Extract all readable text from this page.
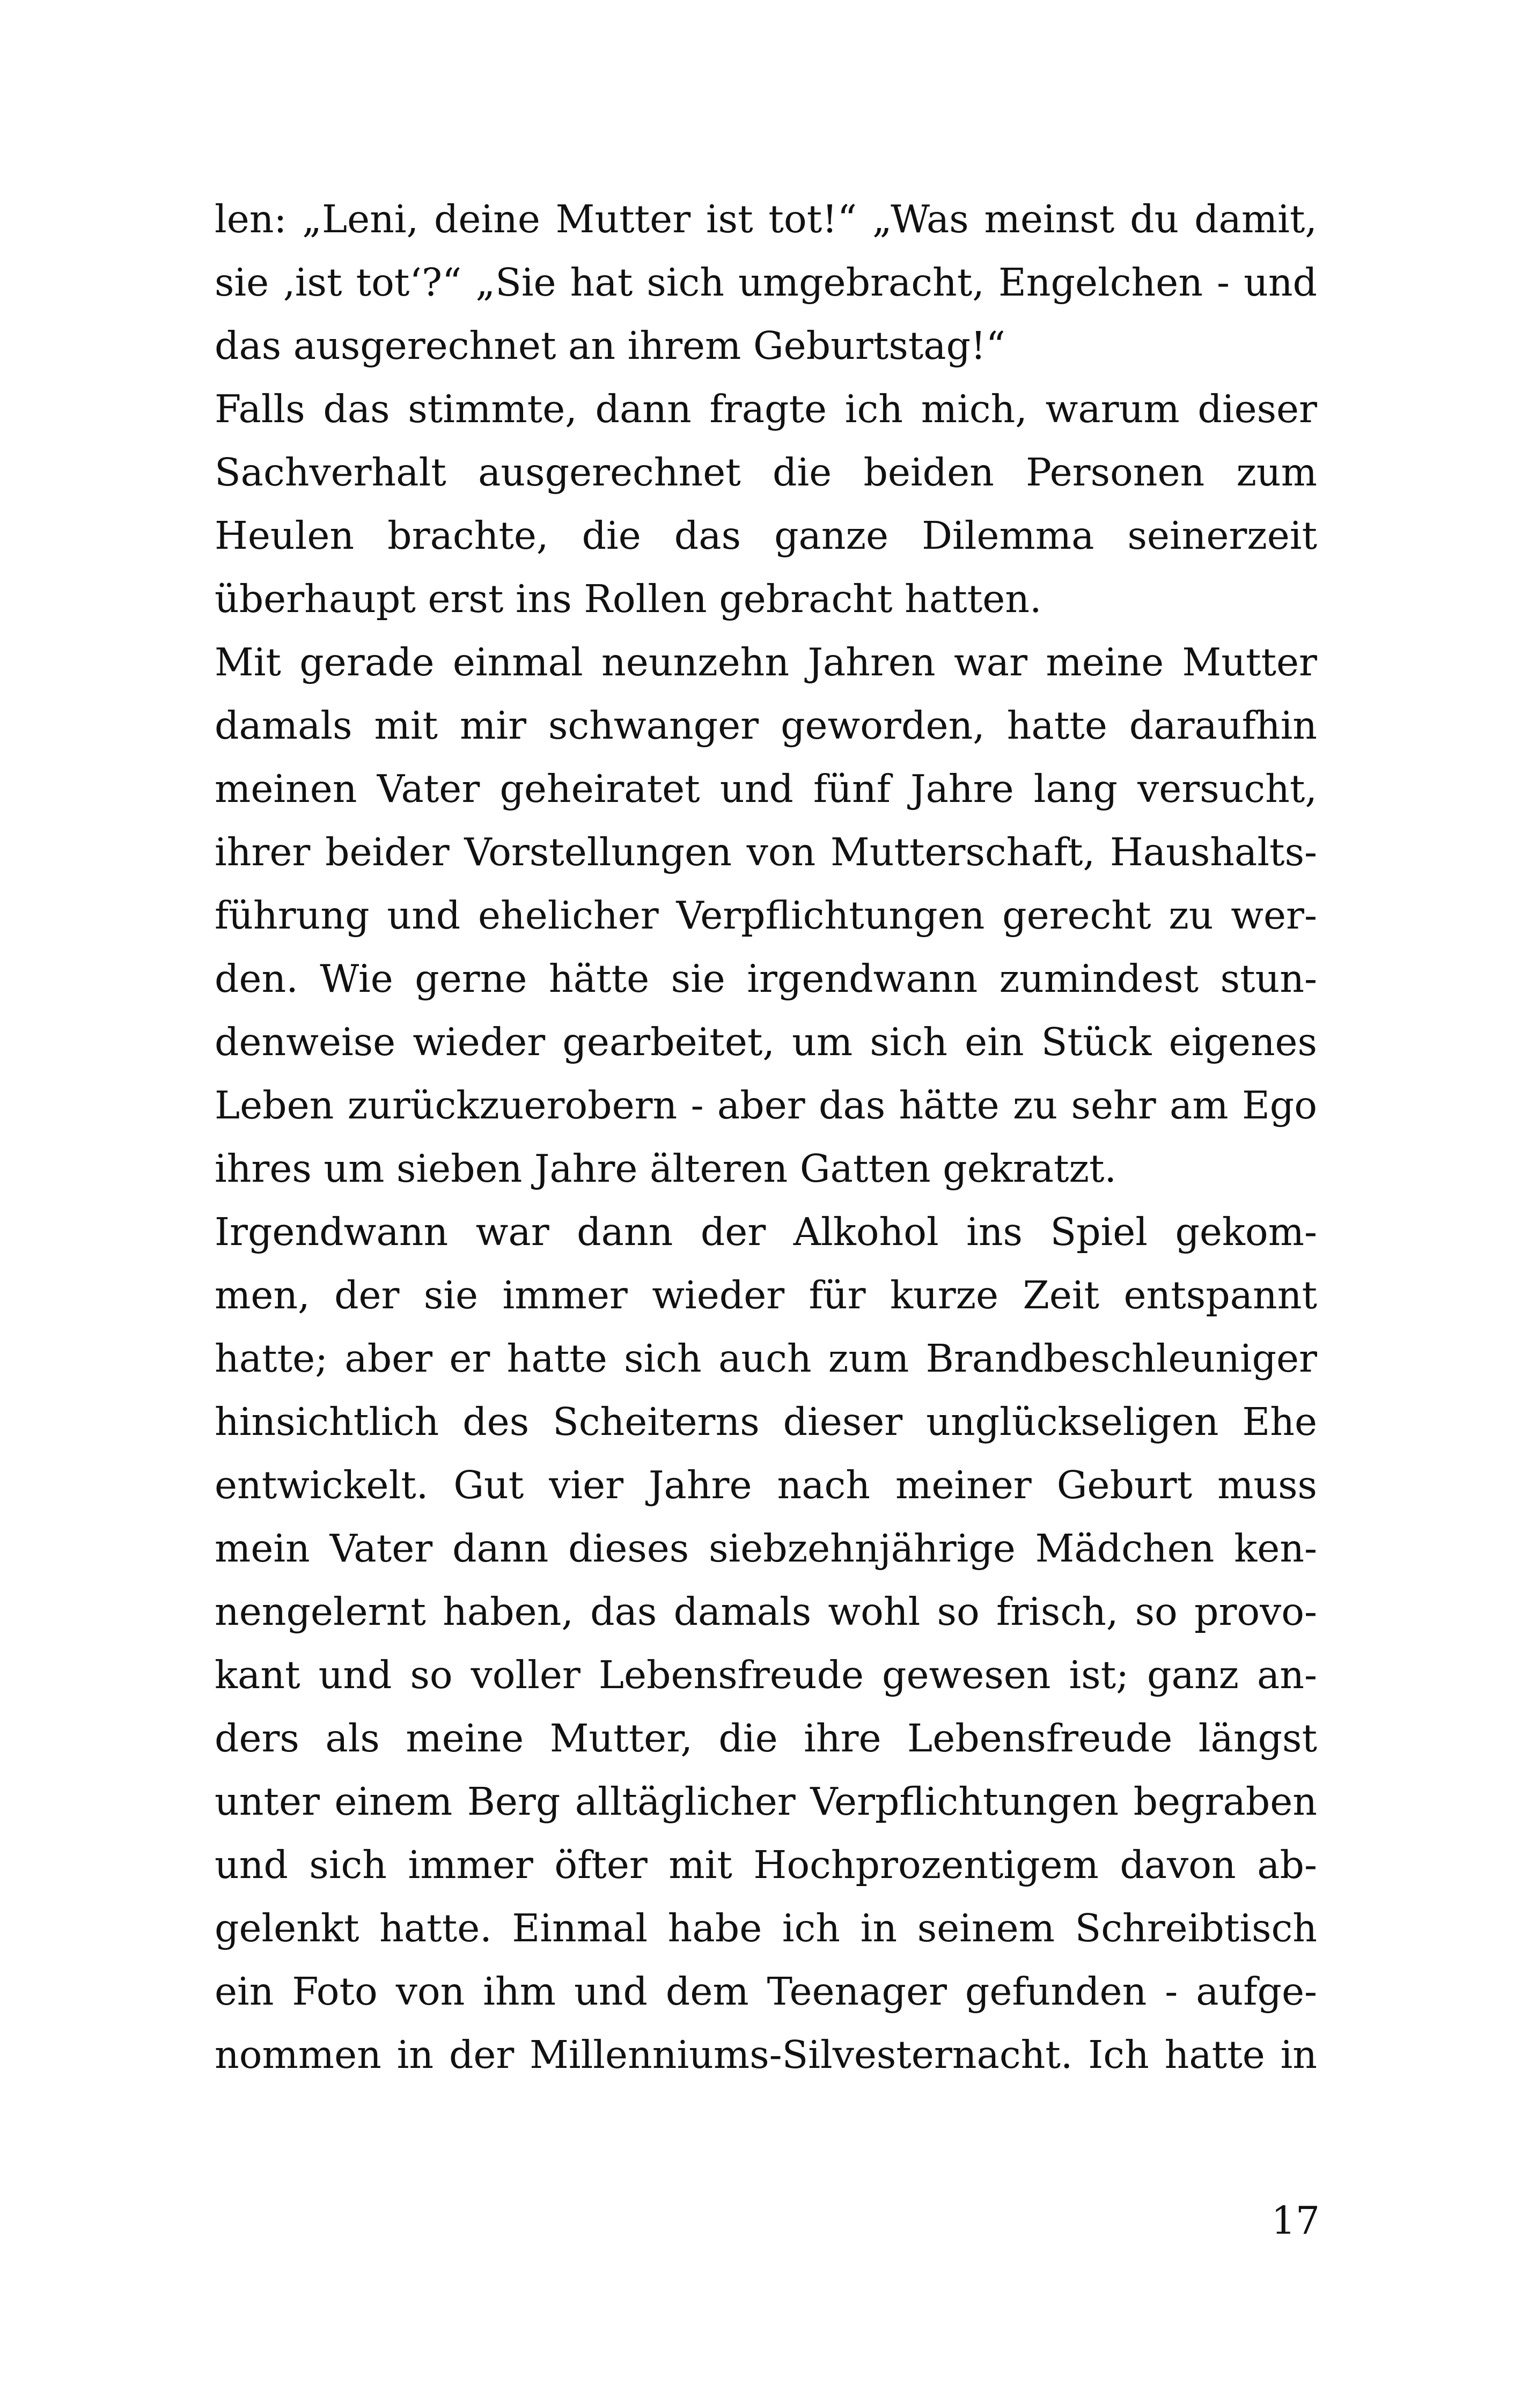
len: „Leni, deine Mutter ist tot!“ „Was meinst du damit,
sie ‚ist tot‘?“ „Sie hat sich umgebracht, Engelchen - und
das ausgerechnet an ihrem Geburtstag!“
Falls das stimmte, dann fragte ich mich, warum dieser
Sachverhalt ausgerechnet die beiden Personen zum
Heulen brachte, die das ganze Dilemma seinerzeit
überhaupt erst ins Rollen gebracht hatten.
Mit gerade einmal neunzehn Jahren war meine Mutter
damals mit mir schwanger geworden, hatte daraufhin
meinen Vater geheiratet und fünf Jahre lang versucht,
ihrer beider Vorstellungen von Mutterschaft, Haushalts-
führung und ehelicher Verpflichtungen gerecht zu wer-
den. Wie gerne hätte sie irgendwann zumindest stun-
denweise wieder gearbeitet, um sich ein Stück eigenes
Leben zurückzuerobern - aber das hätte zu sehr am Ego
ihres um sieben Jahre älteren Gatten gekratzt.
Irgendwann war dann der Alkohol ins Spiel gekom-
men, der sie immer wieder für kurze Zeit entspannt
hatte; aber er hatte sich auch zum Brandbeschleuniger
hinsichtlich des Scheiterns dieser unglückseligen Ehe
entwickelt. Gut vier Jahre nach meiner Geburt muss
mein Vater dann dieses siebzehnjährige Mädchen ken-
nengelernt haben, das damals wohl so frisch, so provo-
kant und so voller Lebensfreude gewesen ist; ganz an-
ders als meine Mutter, die ihre Lebensfreude längst
unter einem Berg alltäglicher Verpflichtungen begraben
und sich immer öfter mit Hochprozentigem davon ab-
gelenkt hatte. Einmal habe ich in seinem Schreibtisch
ein Foto von ihm und dem Teenager gefunden - aufge-
nommen in der Millenniums-Silvesternacht. Ich hatte in
17
